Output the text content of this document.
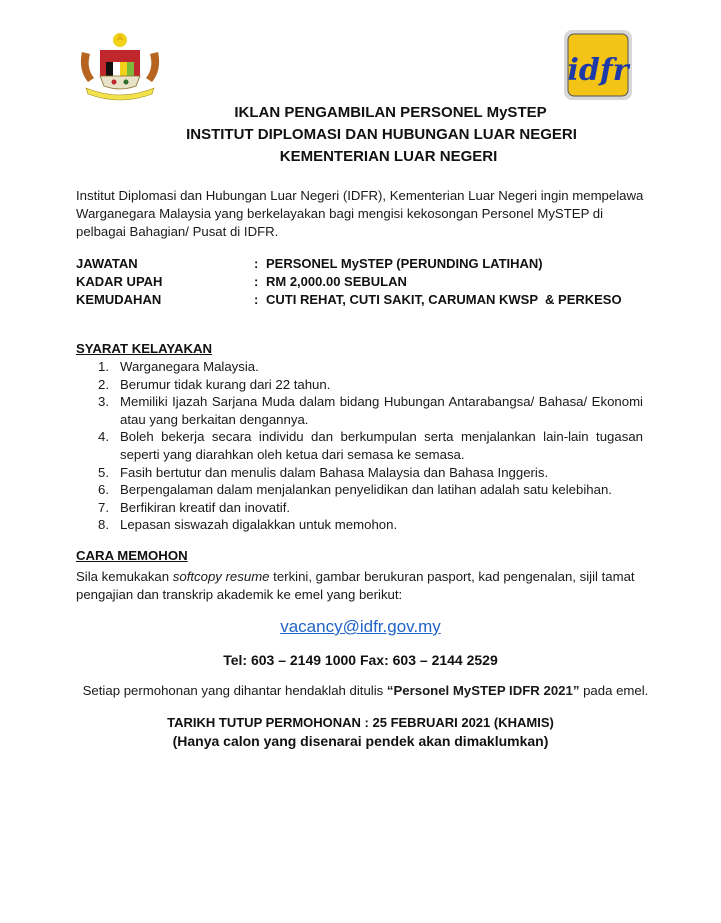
idfr
IKLAN PENGAMBILAN PERSONEL MySTEP
INSTITUT DIPLOMASI DAN HUBUNGAN LUAR NEGERI
KEMENTERIAN LUAR NEGERI
Institut Diplomasi dan Hubungan Luar Negeri (IDFR), Kementerian Luar Negeri ingin mempelawa Warganegara Malaysia yang berkelayakan bagi mengisi kekosongan Personel MySTEP di pelbagai Bahagian/ Pusat di IDFR.
JAWATAN	: PERSONEL MySTEP (PERUNDING LATIHAN)
KADAR UPAH	: RM 2,000.00 SEBULAN
KEMUDAHAN	: CUTI REHAT, CUTI SAKIT, CARUMAN KWSP  & PERKESO
SYARAT KELAYAKAN
1. Warganegara Malaysia.
2. Berumur tidak kurang dari 22 tahun.
3. Memiliki Ijazah Sarjana Muda dalam bidang Hubungan Antarabangsa/ Bahasa/ Ekonomi atau yang berkaitan dengannya.
4. Boleh bekerja secara individu dan berkumpulan serta menjalankan lain-lain tugasan seperti yang diarahkan oleh ketua dari semasa ke semasa.
5. Fasih bertutur dan menulis dalam Bahasa Malaysia dan Bahasa Inggeris.
6. Berpengalaman dalam menjalankan penyelidikan dan latihan adalah satu kelebihan.
7. Berfikiran kreatif dan inovatif.
8. Lepasan siswazah digalakkan untuk memohon.
CARA MEMOHON
Sila kemukakan softcopy resume terkini, gambar berukuran pasport, kad pengenalan, sijil tamat pengajian dan transkrip akademik ke emel yang berikut:
vacancy@idfr.gov.my
Tel: 603 – 2149 1000 Fax: 603 – 2144 2529
Setiap permohonan yang dihantar hendaklah ditulis “Personel MySTEP IDFR 2021” pada emel.
TARIKH TUTUP PERMOHONAN : 25 FEBRUARI 2021 (KHAMIS)
(Hanya calon yang disenarai pendek akan dimaklumkan)
